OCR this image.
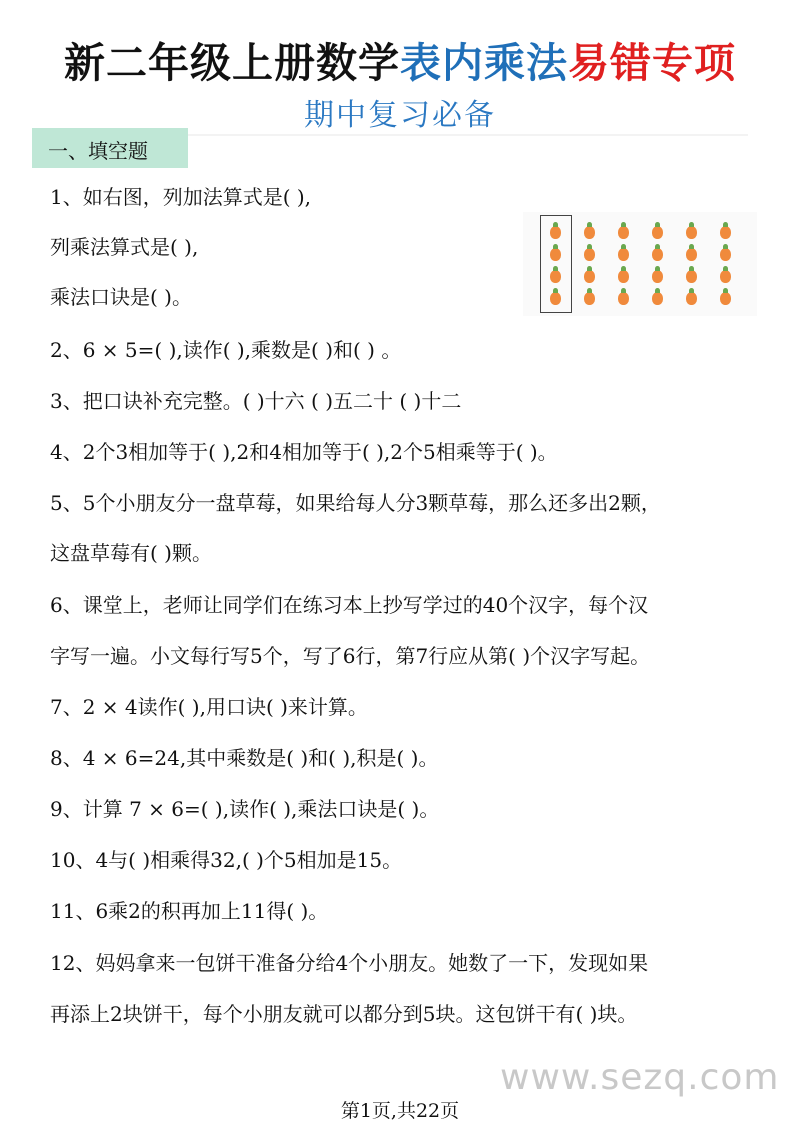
新二年级上册数学表内乘法易错专项
期中复习必备
一、填空题
1、如右图，列加法算式是( ),
列乘法算式是( ),
乘法口诀是( )。
2、6 × 5=( ),读作( ),乘数是( )和( ) 。
3、把口诀补充完整。( )十六 ( )五二十 ( )十二
4、2个3相加等于( ),2和4相加等于( ),2个5相乘等于( )。
5、5个小朋友分一盘草莓，如果给每人分3颗草莓，那么还多出2颗，
这盘草莓有( )颗。
6、课堂上，老师让同学们在练习本上抄写学过的40个汉字，每个汉
字写一遍。小文每行写5个，写了6行，第7行应从第( )个汉字写起。
7、2 × 4读作( ),用口诀( )来计算。
8、4 × 6=24,其中乘数是( )和( ),积是( )。
9、计算 7 × 6=( ),读作( ),乘法口诀是( )。
10、4与( )相乘得32,( )个5相加是15。
11、6乘2的积再加上11得( )。
12、妈妈拿来一包饼干准备分给4个小朋友。她数了一下，发现如果
再添上2块饼干，每个小朋友就可以都分到5块。这包饼干有( )块。
www.sezq.com
第1页,共22页
